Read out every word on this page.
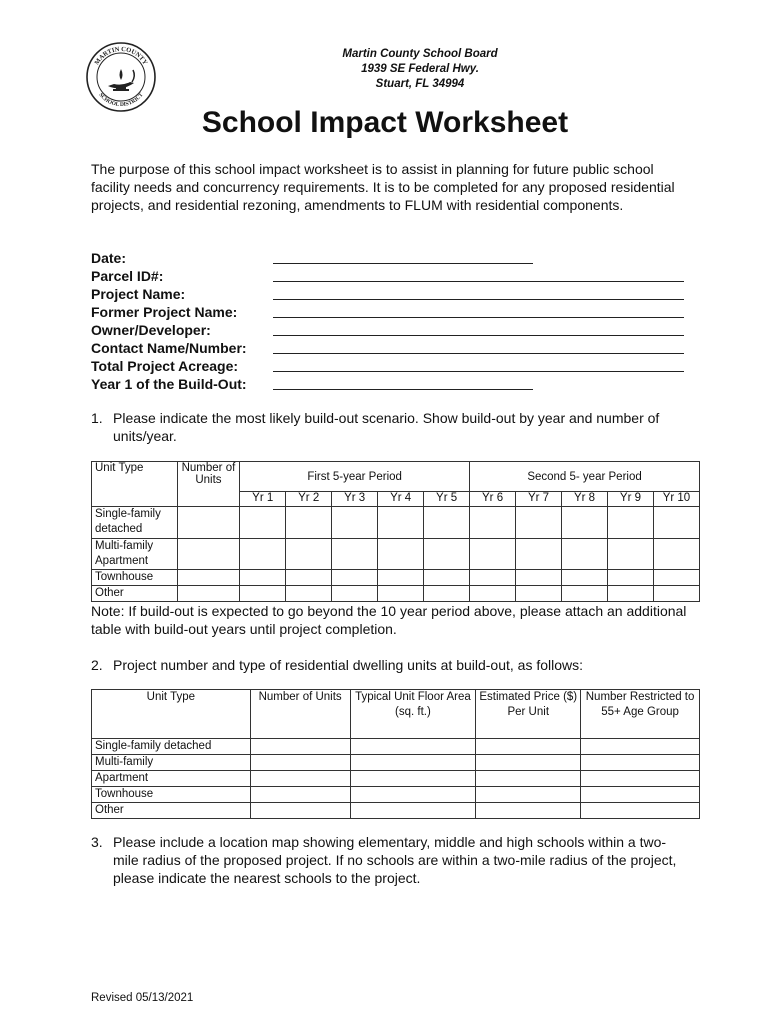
MARTIN COUNTY
SCHOOL DISTRICT
Martin County School Board
1939 SE Federal Hwy.
Stuart, FL 34994
School Impact Worksheet
The purpose of this school impact worksheet is to assist in planning for future public school facility needs and concurrency requirements. It is to be completed for any proposed residential projects, and residential rezoning, amendments to FLUM with residential components.
Date:
Parcel ID#:
Project Name:
Former Project Name:
Owner/Developer:
Contact Name/Number:
Total Project Acreage:
Year 1 of the Build-Out:
1. Please indicate the most likely build-out scenario. Show build-out by year and number of units/year.
Unit Type	Number of Units	First 5-year Period					Second 5- year Period				
		Yr 1	Yr 2	Yr 3	Yr 4	Yr 5	Yr 6	Yr 7	Yr 8	Yr 9	Yr 10
Single-family detached											
Multi-family Apartment											
Townhouse											
Other											
Note: If build-out is expected to go beyond the 10 year period above, please attach an additional table with build-out years until project completion.
2. Project number and type of residential dwelling units at build-out, as follows:
Unit Type	Number of Units	Typical Unit Floor Area (sq. ft.)	Estimated Price ($) Per Unit	Number Restricted to 55+ Age Group
Single-family detached				
Multi-family				
Apartment				
Townhouse				
Other				
3. Please include a location map showing elementary, middle and high schools within a two-mile radius of the proposed project. If no schools are within a two-mile radius of the project, please indicate the nearest schools to the project.
Revised 05/13/2021
